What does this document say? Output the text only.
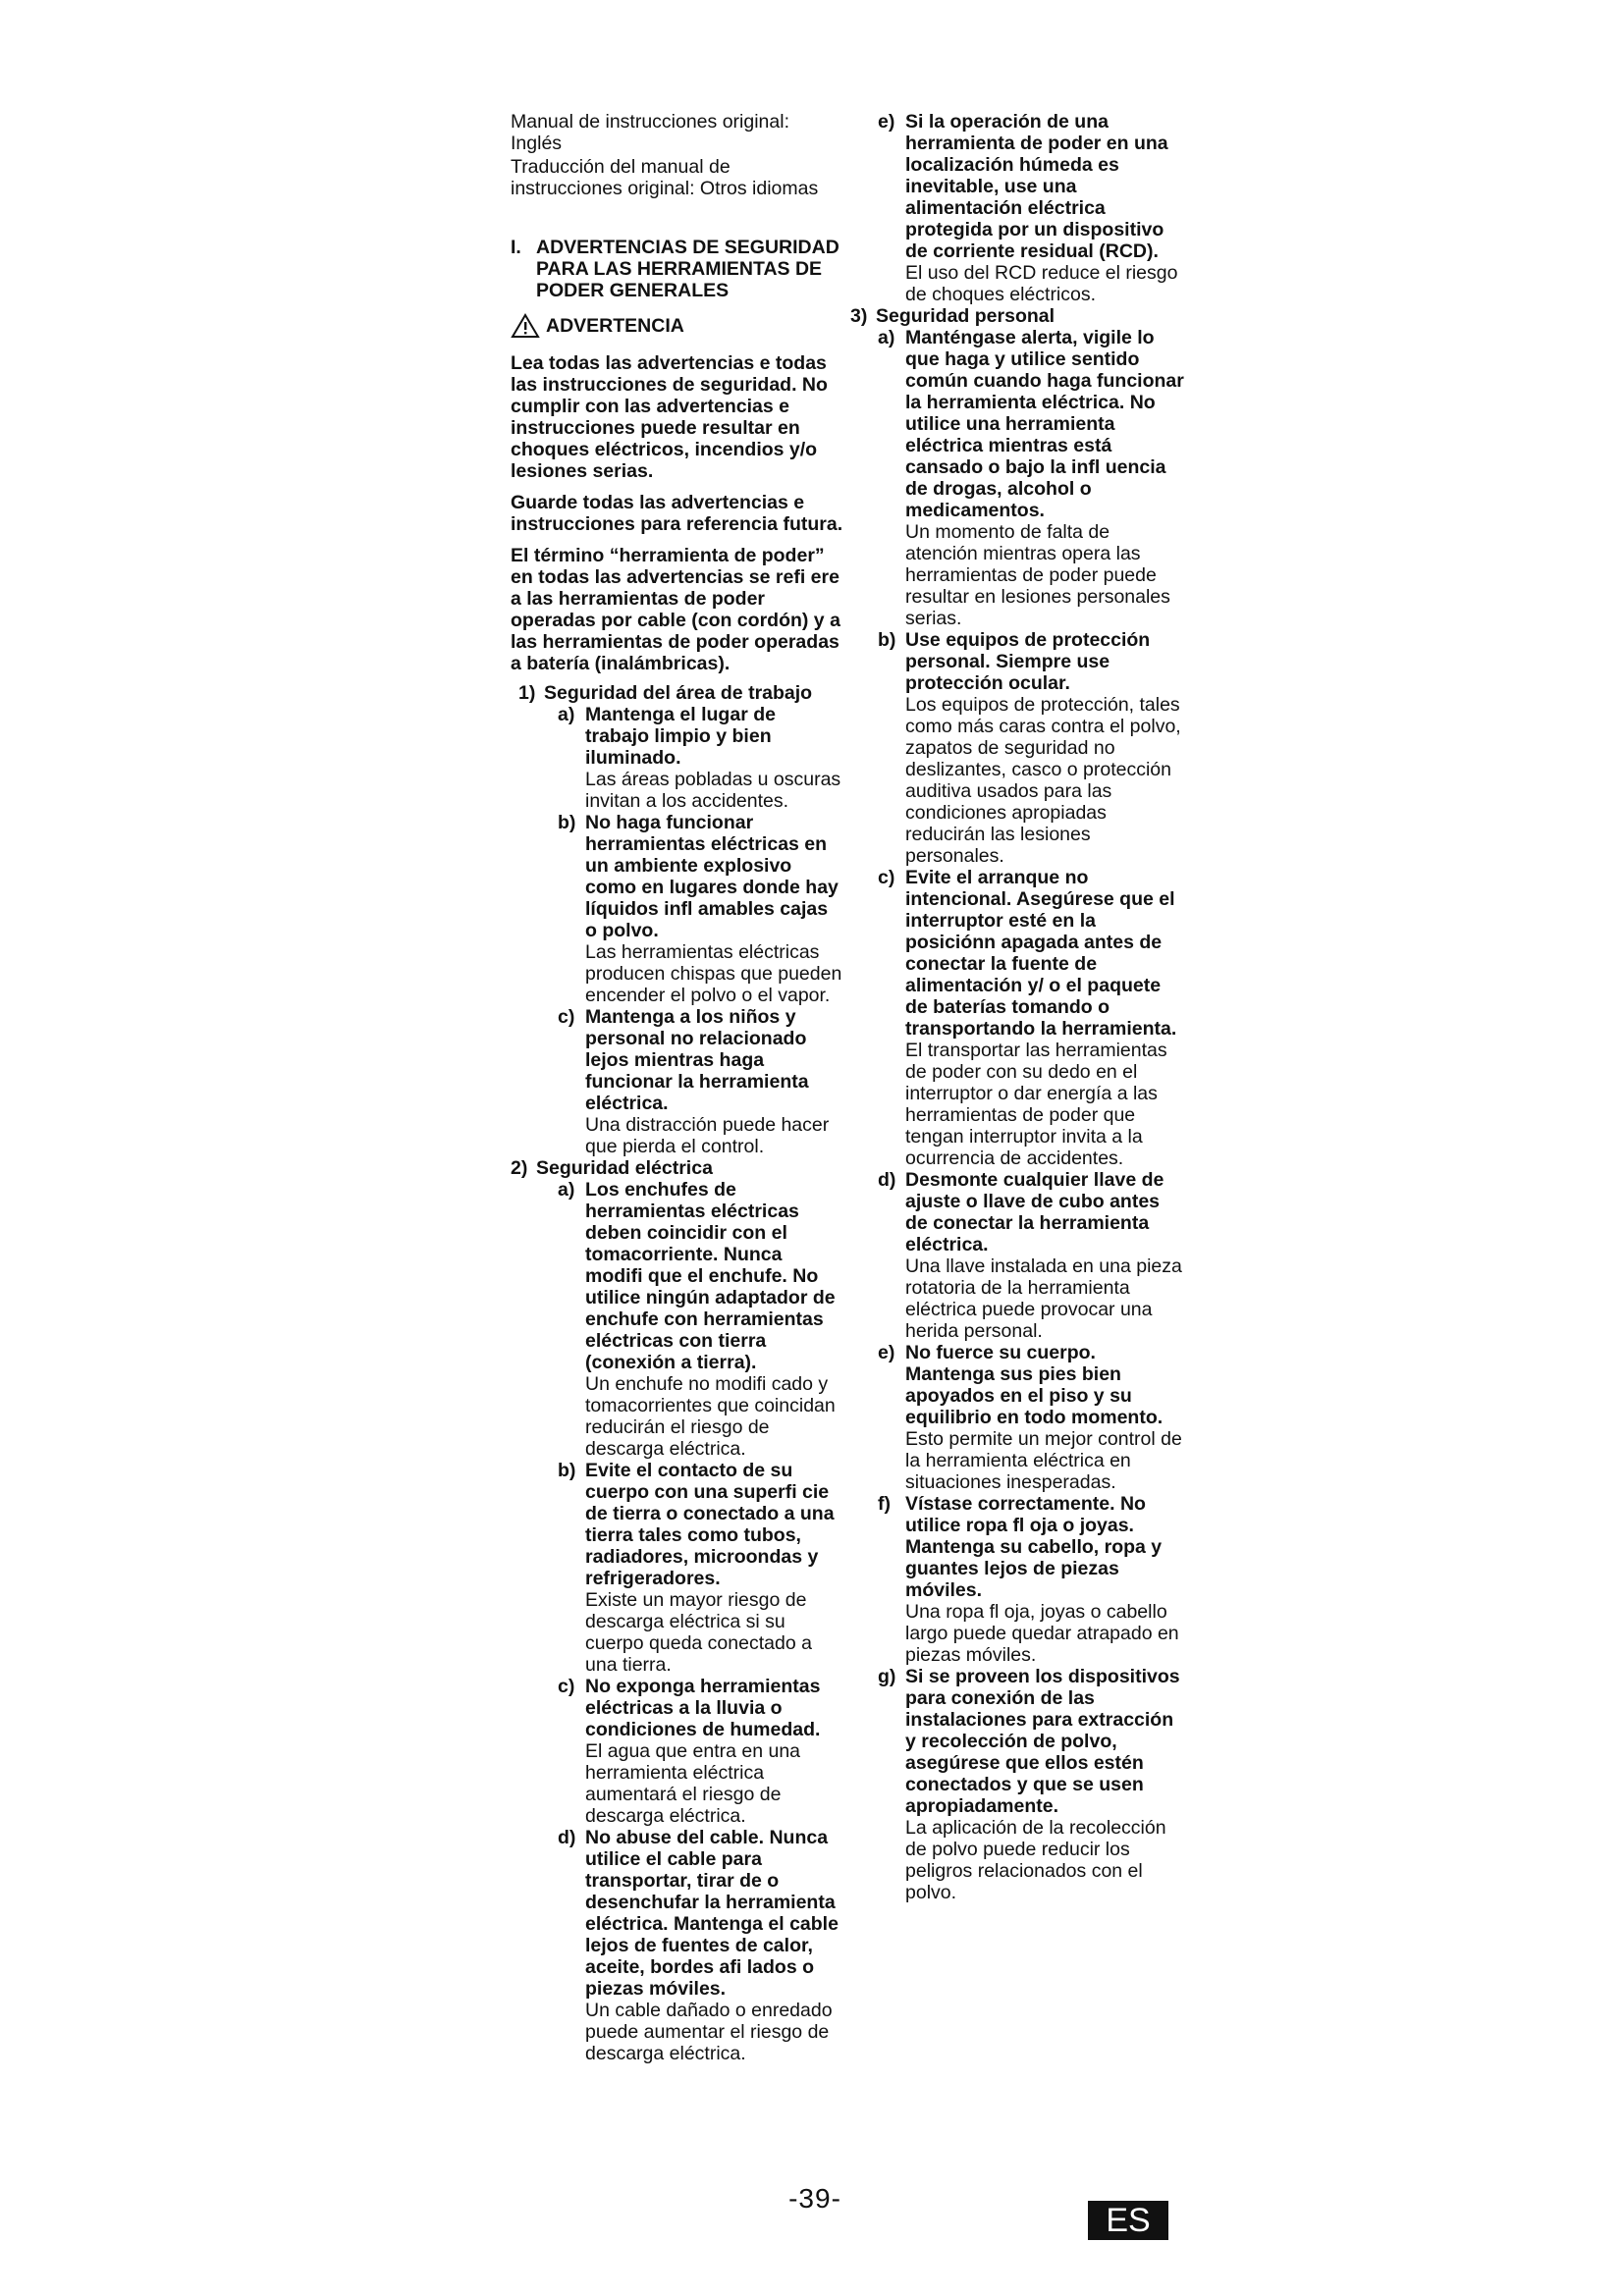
Manual de instrucciones original: Inglés

Traducción del manual de instrucciones original: Otros idiomas

I. ADVERTENCIAS DE SEGURIDAD PARA LAS HERRAMIENTAS DE PODER GENERALES
ADVERTENCIA

Lea todas las advertencias e todas las instrucciones de seguridad. No cumplir con las advertencias e instrucciones puede resultar en choques eléctricos, incendios y/o lesiones serias.

Guarde todas las advertencias e instrucciones para referencia futura.

El término “herramienta de poder” en todas las advertencias se refi ere a las herramientas de poder operadas por cable (con cordón) y a las herramientas de poder operadas a batería (inalámbricas).

1) Seguridad del área de trabajo
a) Mantenga el lugar de trabajo limpio y bien iluminado.
Las áreas pobladas u oscuras invitan a los accidentes.
b) No haga funcionar herramientas eléctricas en un ambiente explosivo como en lugares donde hay líquidos infl amables cajas o polvo.
Las herramientas eléctricas producen chispas que pueden encender el polvo o el vapor.
c) Mantenga a los niños y personal no relacionado lejos mientras haga funcionar la herramienta eléctrica.
Una distracción puede hacer que pierda el control.
2) Seguridad eléctrica
a) Los enchufes de herramientas eléctricas deben coincidir con el tomacorriente. Nunca modifi que el enchufe. No utilice ningún adaptador de enchufe con herramientas eléctricas con tierra (conexión a tierra).
Un enchufe no modifi cado y tomacorrientes que coincidan reducirán el riesgo de descarga eléctrica.
b) Evite el contacto de su cuerpo con una superfi cie de tierra o conectado a una tierra tales como tubos, radiadores, microondas y refrigeradores.
Existe un mayor riesgo de descarga eléctrica si su cuerpo queda conectado a una tierra.
c) No exponga herramientas eléctricas a la lluvia o condiciones de humedad.
El agua que entra en una herramienta eléctrica aumentará el riesgo de descarga eléctrica.
d) No abuse del cable. Nunca utilice el cable para transportar, tirar de o desenchufar la herramienta eléctrica. Mantenga el cable lejos de fuentes de calor, aceite, bordes afi lados o piezas móviles.
Un cable dañado o enredado puede aumentar el riesgo de descarga eléctrica.
e) Si la operación de una herramienta de poder en una localización húmeda es inevitable, use una alimentación eléctrica protegida por un dispositivo de corriente residual (RCD).
El uso del RCD reduce el riesgo de choques eléctricos.
3) Seguridad personal
a) Manténgase alerta, vigile lo que haga y utilice sentido común cuando haga funcionar la herramienta eléctrica. No utilice una herramienta eléctrica mientras está cansado o bajo la infl uencia de drogas, alcohol o medicamentos.
Un momento de falta de atención mientras opera las herramientas de poder puede resultar en lesiones personales serias.
b) Use equipos de protección personal. Siempre use protección ocular.
Los equipos de protección, tales como más caras contra el polvo, zapatos de seguridad no deslizantes, casco o protección auditiva usados para las condiciones apropiadas reducirán las lesiones personales.
c) Evite el arranque no intencional. Asegúrese que el interruptor esté en la posiciónn apagada antes de conectar la fuente de alimentación y/ o el paquete de baterías tomando o transportando la herramienta.
El transportar las herramientas de poder con su dedo en el interruptor o dar energía a las herramientas de poder que tengan interruptor invita a la ocurrencia de accidentes.
d) Desmonte cualquier llave de ajuste o llave de cubo antes de conectar la herramienta eléctrica.
Una llave instalada en una pieza rotatoria de la herramienta eléctrica puede provocar una herida personal.
e) No fuerce su cuerpo. Mantenga sus pies bien apoyados en el piso y su equilibrio en todo momento.
Esto permite un mejor control de la herramienta eléctrica en situaciones inesperadas.
f) Vístase correctamente. No utilice ropa fl oja o joyas. Mantenga su cabello, ropa y guantes lejos de piezas móviles.
Una ropa fl oja, joyas o cabello largo puede quedar atrapado en piezas móviles.
g) Si se proveen los dispositivos para conexión de las instalaciones para extracción y recolección de polvo, asegúrese que ellos estén conectados y que se usen apropiadamente.
La aplicación de la recolección de polvo puede reducir los peligros relacionados con el polvo.
-39-
ES
